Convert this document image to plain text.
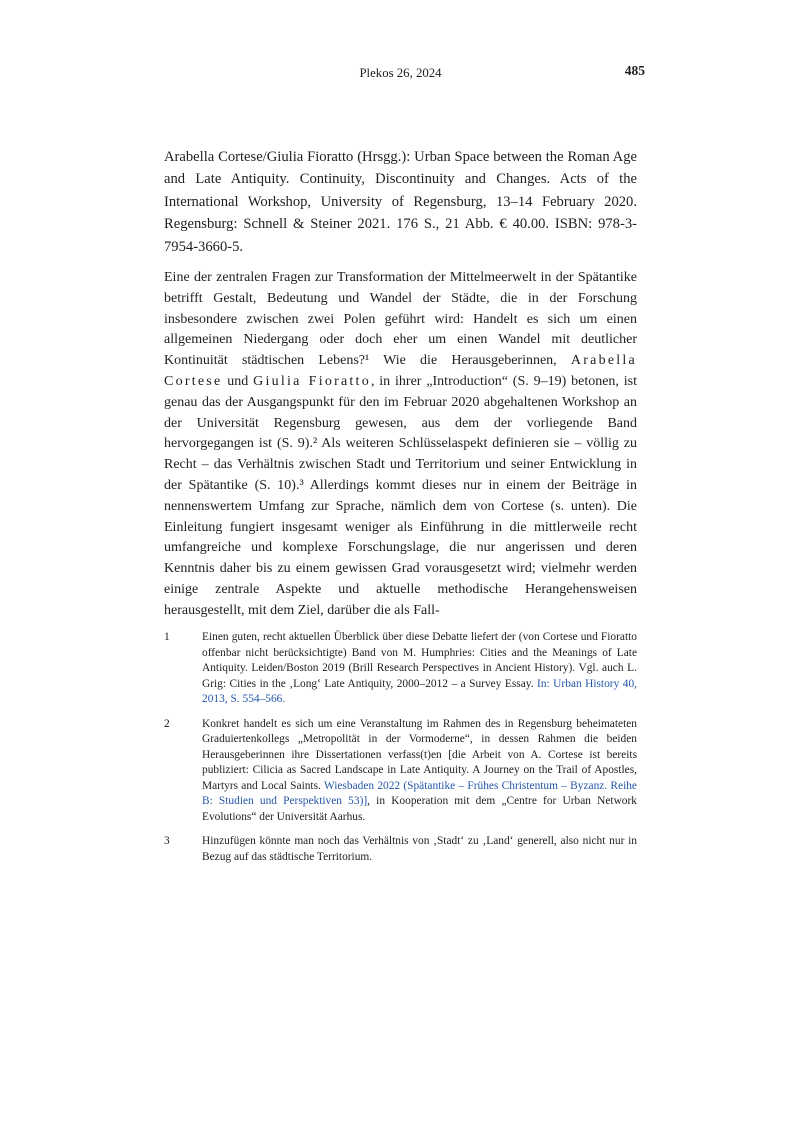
Plekos 26, 2024	485
Arabella Cortese/Giulia Fioratto (Hrsgg.): Urban Space between the Roman Age and Late Antiquity. Continuity, Discontinuity and Changes. Acts of the International Workshop, University of Regensburg, 13–14 February 2020. Regensburg: Schnell & Steiner 2021. 176 S., 21 Abb. € 40.00. ISBN: 978-3-7954-3660-5.
Eine der zentralen Fragen zur Transformation der Mittelmeerwelt in der Spätantike betrifft Gestalt, Bedeutung und Wandel der Städte, die in der Forschung insbesondere zwischen zwei Polen geführt wird: Handelt es sich um einen allgemeinen Niedergang oder doch eher um einen Wandel mit deutlicher Kontinuität städtischen Lebens?¹ Wie die Herausgeberinnen, Arabella Cortese und Giulia Fioratto, in ihrer „Introduction“ (S. 9–19) betonen, ist genau das der Ausgangspunkt für den im Februar 2020 abgehaltenen Workshop an der Universität Regensburg gewesen, aus dem der vorliegende Band hervorgegangen ist (S. 9).² Als weiteren Schlüsselaspekt definieren sie – völlig zu Recht – das Verhältnis zwischen Stadt und Territorium und seiner Entwicklung in der Spätantike (S. 10).³ Allerdings kommt dieses nur in einem der Beiträge in nennenswertem Umfang zur Sprache, nämlich dem von Cortese (s. unten). Die Einleitung fungiert insgesamt weniger als Einführung in die mittlerweile recht umfangreiche und komplexe Forschungslage, die nur angerissen und deren Kenntnis daher bis zu einem gewissen Grad vorausgesetzt wird; vielmehr werden einige zentrale Aspekte und aktuelle methodische Herangehensweisen herausgestellt, mit dem Ziel, darüber die als Fall-
1	Einen guten, recht aktuellen Überblick über diese Debatte liefert der (von Cortese und Fioratto offenbar nicht berücksichtigte) Band von M. Humphries: Cities and the Meanings of Late Antiquity. Leiden/Boston 2019 (Brill Research Perspectives in Ancient History). Vgl. auch L. Grig: Cities in the ‚Long‘ Late Antiquity, 2000–2012 – a Survey Essay. In: Urban History 40, 2013, S. 554–566.
2	Konkret handelt es sich um eine Veranstaltung im Rahmen des in Regensburg beheimateten Graduiertenkollegs „Metropolität in der Vormoderne“, in dessen Rahmen die beiden Herausgeberinnen ihre Dissertationen verfass(t)en [die Arbeit von A. Cortese ist bereits publiziert: Cilicia as Sacred Landscape in Late Antiquity. A Journey on the Trail of Apostles, Martyrs and Local Saints. Wiesbaden 2022 (Spätantike – Frühes Christentum – Byzanz. Reihe B: Studien und Perspektiven 53)], in Kooperation mit dem „Centre for Urban Network Evolutions“ der Universität Aarhus.
3	Hinzufügen könnte man noch das Verhältnis von ‚Stadt‘ zu ‚Land‘ generell, also nicht nur in Bezug auf das städtische Territorium.
